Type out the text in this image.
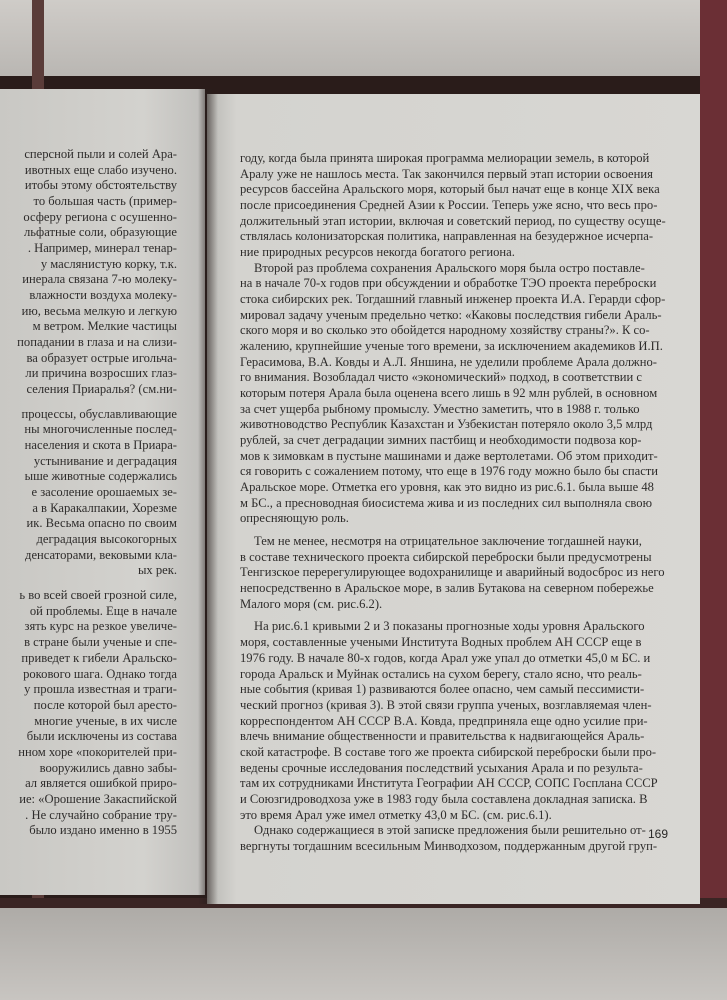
сперсной пыли и солей Ара-
ивотных еще слабо изучено.
итобы этому обстоятельству
то большая часть (пример-
осферу региона с осушенно-
льфатные соли, образующие
. Например, минерал тенар-
у маслянистую корку, т.к.
инерала связана 7-ю молеку-
влажности воздуха молеку-
ию, весьма мелкую и легкую
м ветром. Мелкие частицы
попадании в глаза и на слизи-
ва образует острые игольча-
ли причина возросших глаз-
селения Приаралья? (см.ни-
процессы, обуславливающие
ны многочисленные послед-
населения и скота в Приара-
устынивание и деградация
ыше животные содержались
е засоление орошаемых зе-
а в Каракалпакии, Хорезме
ик. Весьма опасно по своим
деградация высокогорных
денсаторами, вековыми кла-
ых рек.
ь во всей своей грозной силе,
ой проблемы. Еще в начале
зять курс на резкое увеличе-
в стране были ученые и спе-
приведет к гибели Аральско-
рокового шага. Однако тогда
у прошла известная и траги-
после которой был аресто-
многие ученые, в их числе
были исключены из состава
нном хоре «покорителей при-
вооружились давно забы-
ал является ошибкой приро-
ие: «Орошение Закаспийской
. Не случайно собрание тру-
было издано именно в 1955
году, когда была принята широкая программа мелиорации земель, в которой
Аралу уже не нашлось места. Так закончился первый этап истории освоения
ресурсов бассейна Аральского моря, который был начат еще в конце XIX века
после присоединения Средней Азии к России. Теперь уже ясно, что весь про-
должительный этап истории, включая и советский период, по существу осуще-
ствлялась колонизаторская политика, направленная на безудержное исчерпа-
ние природных ресурсов некогда богатого региона.
Второй раз проблема сохранения Аральского моря была остро поставле-
на в начале 70-х годов при обсуждении и обработке ТЭО проекта переброски
стока сибирских рек. Тогдашний главный инженер проекта И.А. Герарди сфор-
мировал задачу ученым предельно четко: «Каковы последствия гибели Араль-
ского моря и во сколько это обойдется народному хозяйству страны?». К со-
жалению, крупнейшие ученые того времени, за исключением академиков И.П.
Герасимова, В.А. Ковды и А.Л. Яншина, не уделили проблеме Арала должно-
го внимания. Возобладал чисто «экономический» подход, в соответствии с
которым потеря Арала была оценена всего лишь в 92 млн рублей, в основном
за счет ущерба рыбному промыслу. Уместно заметить, что в 1988 г. только
животноводство Республик Казахстан и Узбекистан потеряло около 3,5 млрд
рублей, за счет деградации зимних пастбищ и необходимости подвоза кор-
мов к зимовкам в пустыне машинами и даже вертолетами. Об этом приходит-
ся говорить с сожалением потому, что еще в 1976 году можно было бы спасти
Аральское море. Отметка его уровня, как это видно из рис.6.1. была выше 48
м БС., а пресноводная биосистема жива и из последних сил выполняла свою
опресняющую роль.
Тем не менее, несмотря на отрицательное заключение тогдашней науки,
в составе технического проекта сибирской переброски были предусмотрены
Тенгизское перерегулирующее водохранилище и аварийный водосброс из него
непосредственно в Аральское море, в залив Бутакова на северном побережье
Малого моря (см. рис.6.2).
На рис.6.1 кривыми 2 и 3 показаны прогнозные ходы уровня Аральского
моря, составленные учеными Института Водных проблем АН СССР еще в
1976 году. В начале 80-х годов, когда Арал уже упал до отметки 45,0 м БС. и
города Аральск и Муйнак остались на сухом берегу, стало ясно, что реаль-
ные события (кривая 1) развиваются более опасно, чем самый пессимисти-
ческий прогноз (кривая 3). В этой связи группа ученых, возглавляемая член-
корреспондентом АН СССР В.А. Ковда, предприняла еще одно усилие при-
влечь внимание общественности и правительства к надвигающейся Араль-
ской катастрофе. В составе того же проекта сибирской переброски были про-
ведены срочные исследования последствий усыхания Арала и по результа-
там их сотрудниками Института Географии АН СССР, СОПС Госплана СССР
и Союзгидроводхоза уже в 1983 году была составлена докладная записка. В
это время Арал уже имел отметку 43,0 м БС. (см. рис.6.1).
Однако содержащиеся в этой записке предложения были решительно от-
вергнуты тогдашним всесильным Минводхозом, поддержанным другой груп-
169
